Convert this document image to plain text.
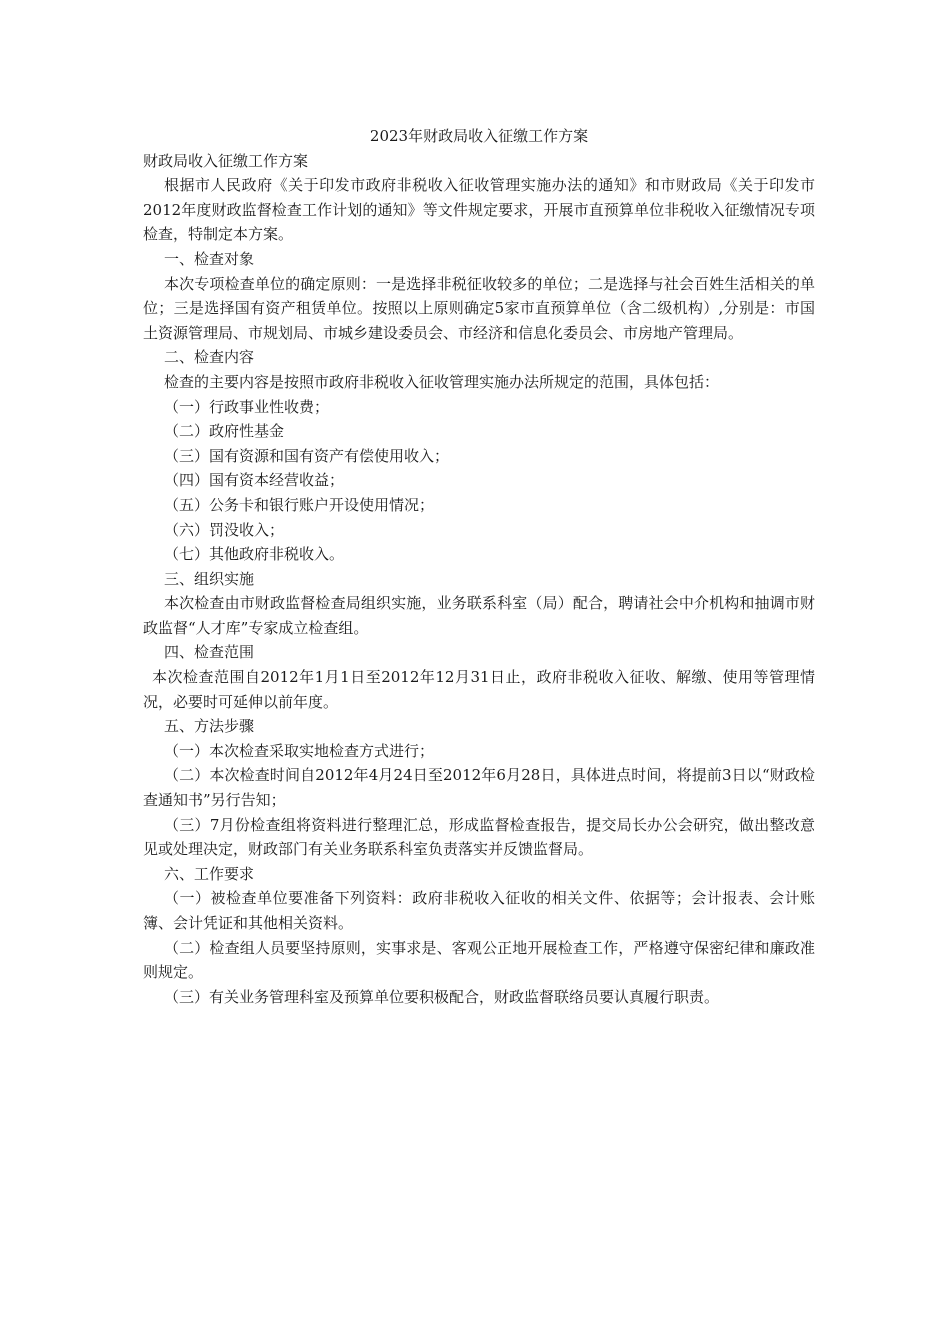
2023年财政局收入征缴工作方案

财政局收入征缴工作方案

根据市人民政府《关于印发市政府非税收入征收管理实施办法的通知》和市财政局《关于印发市2012年度财政监督检查工作计划的通知》等文件规定要求，开展市直预算单位非税收入征缴情况专项检查，特制定本方案。

一、检查对象

本次专项检查单位的确定原则：一是选择非税征收较多的单位；二是选择与社会百姓生活相关的单位；三是选择国有资产租赁单位。按照以上原则确定5家市直预算单位（含二级机构）,分别是：市国土资源管理局、市规划局、市城乡建设委员会、市经济和信息化委员会、市房地产管理局。

二、检查内容

检查的主要内容是按照市政府非税收入征收管理实施办法所规定的范围，具体包括：

（一）行政事业性收费；

（二）政府性基金

（三）国有资源和国有资产有偿使用收入；

（四）国有资本经营收益；

（五）公务卡和银行账户开设使用情况；

（六）罚没收入；

（七）其他政府非税收入。

三、组织实施

本次检查由市财政监督检查局组织实施，业务联系科室（局）配合，聘请社会中介机构和抽调市财政监督“人才库”专家成立检查组。

四、检查范围

本次检查范围自2012年1月1日至2012年12月31日止，政府非税收入征收、解缴、使用等管理情况，必要时可延伸以前年度。

五、方法步骤

（一）本次检查采取实地检查方式进行；

（二）本次检查时间自2012年4月24日至2012年6月28日，具体进点时间，将提前3日以“财政检查通知书”另行告知；

（三）7月份检查组将资料进行整理汇总，形成监督检查报告，提交局长办公会研究，做出整改意见或处理决定，财政部门有关业务联系科室负责落实并反馈监督局。

六、工作要求

（一）被检查单位要准备下列资料：政府非税收入征收的相关文件、依据等；会计报表、会计账簿、会计凭证和其他相关资料。

（二）检查组人员要坚持原则，实事求是、客观公正地开展检查工作，严格遵守保密纪律和廉政准则规定。

（三）有关业务管理科室及预算单位要积极配合，财政监督联络员要认真履行职责。
